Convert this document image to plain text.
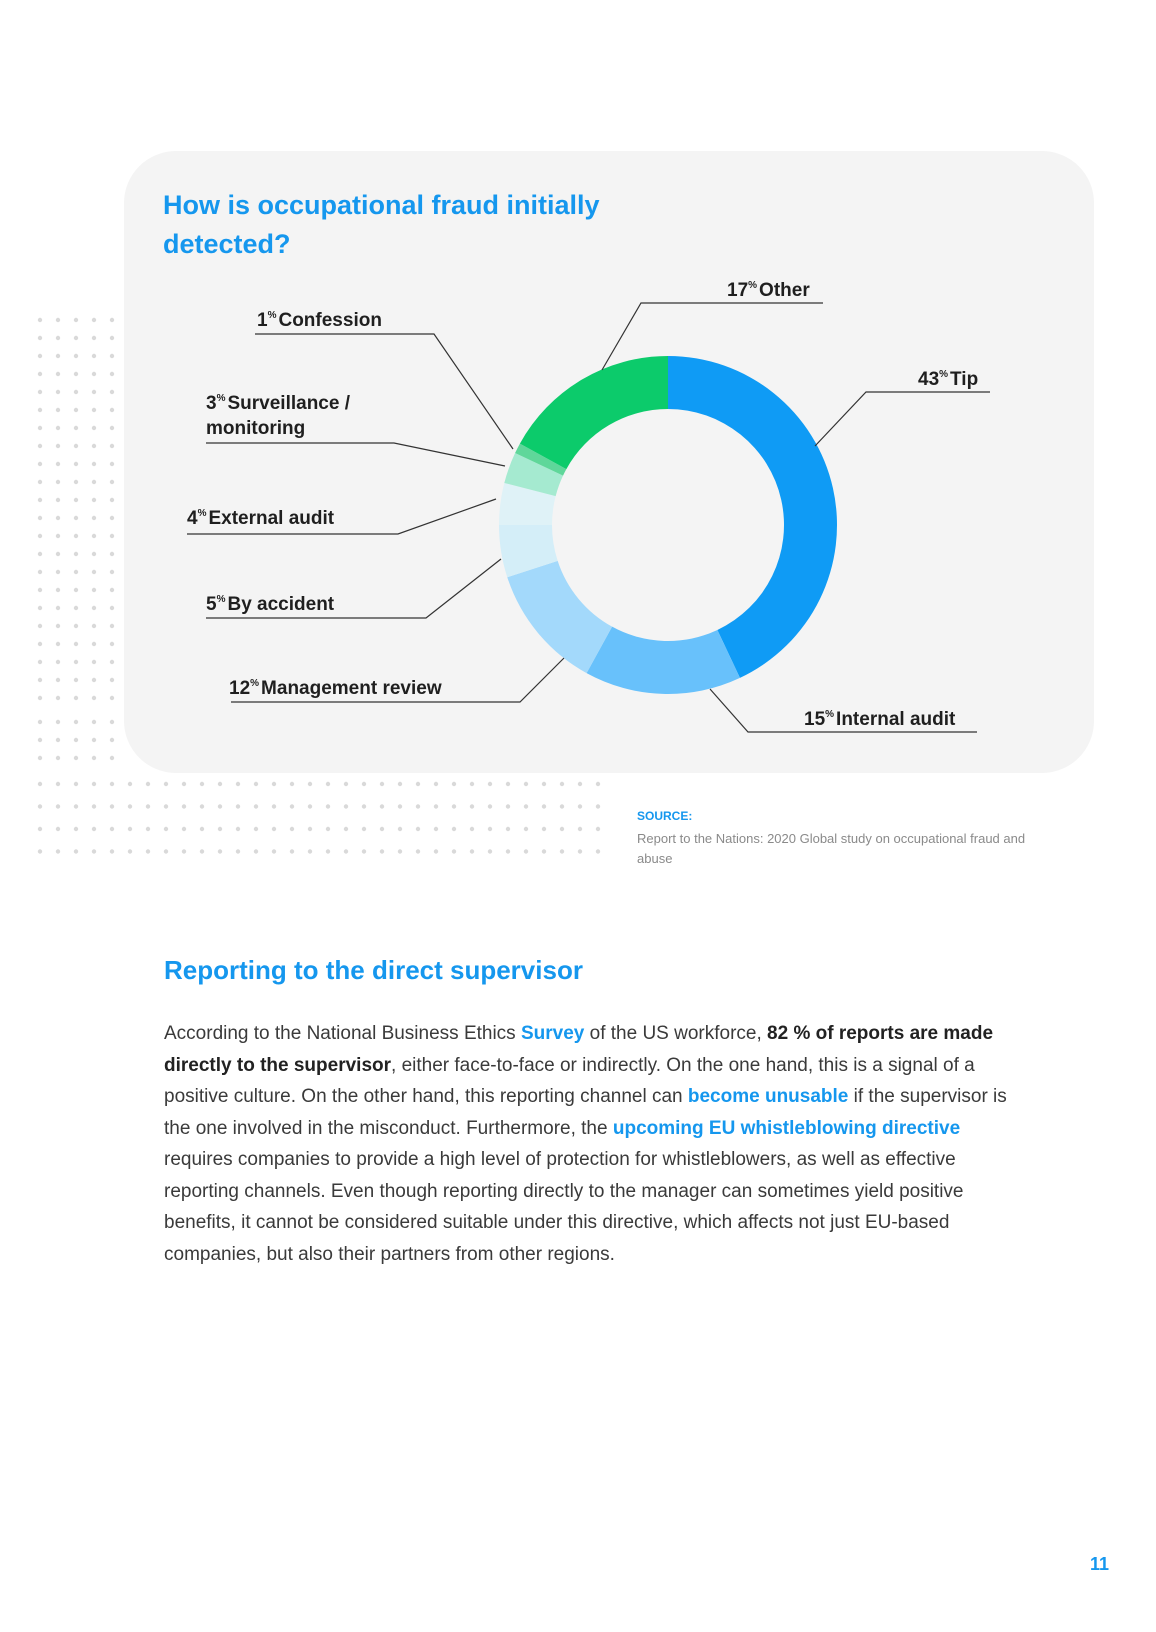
How is occupational fraud initially detected?
17% Other
43% Tip
15% Internal audit
12% Management review
5% By accident
4% External audit
3% Surveillance /
monitoring
1% Confession
SOURCE:
Report to the Nations: 2020 Global study on occupational fraud and abuse
Reporting to the direct supervisor

According to the National Business Ethics Survey of the US workforce, 82 % of reports are made directly to the supervisor, either face-to-face or indirectly. On the one hand, this is a signal of a positive culture. On the other hand, this reporting channel can become unusable if the supervisor is the one involved in the misconduct. Furthermore, the upcoming EU whistleblowing directive requires companies to provide a high level of protection for whistleblowers, as well as effective reporting channels. Even though reporting directly to the manager can sometimes yield positive benefits, it cannot be considered suitable under this directive, which affects not just EU-based companies, but also their partners from other regions.

11
